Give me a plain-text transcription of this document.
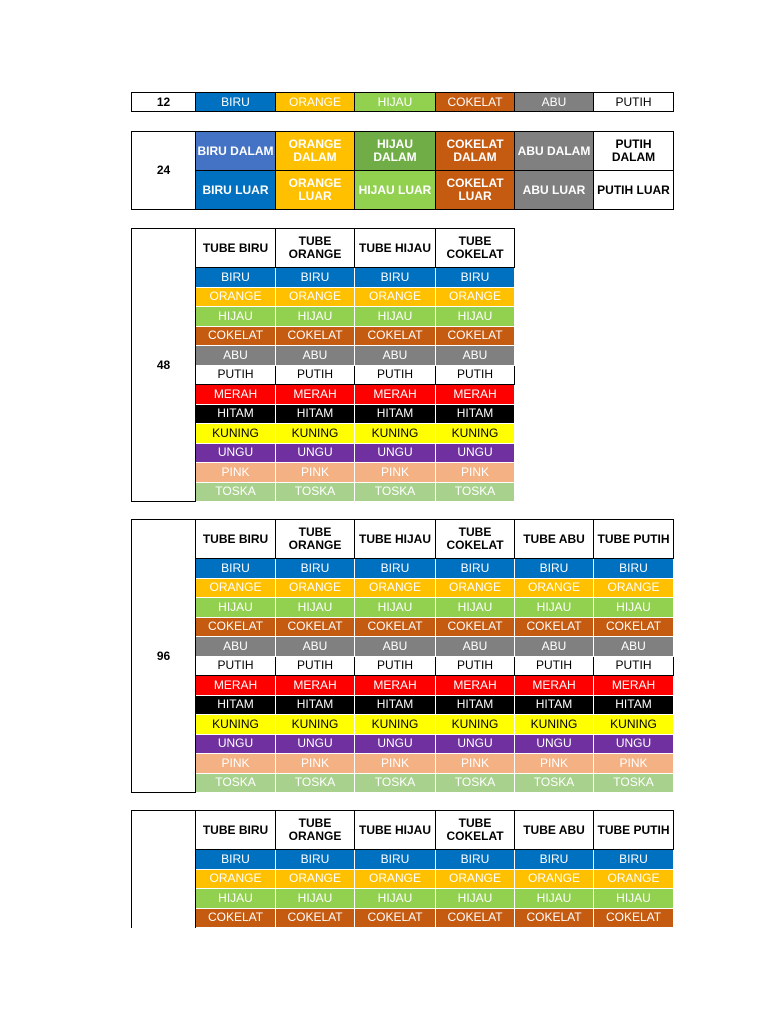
12	BIRU	ORANGE	HIJAU	COKELAT	ABU	PUTIH
24	BIRU DALAM	ORANGE DALAM	HIJAU DALAM	COKELAT DALAM	ABU DALAM	PUTIH DALAM
	BIRU LUAR	ORANGE LUAR	HIJAU LUAR	COKELAT LUAR	ABU LUAR	PUTIH LUAR
48	TUBE BIRU	TUBE ORANGE	TUBE HIJAU	TUBE COKELAT
	BIRU	BIRU	BIRU	BIRU
	ORANGE	ORANGE	ORANGE	ORANGE
	HIJAU	HIJAU	HIJAU	HIJAU
	COKELAT	COKELAT	COKELAT	COKELAT
	ABU	ABU	ABU	ABU
	PUTIH	PUTIH	PUTIH	PUTIH
	MERAH	MERAH	MERAH	MERAH
	HITAM	HITAM	HITAM	HITAM
	KUNING	KUNING	KUNING	KUNING
	UNGU	UNGU	UNGU	UNGU
	PINK	PINK	PINK	PINK
	TOSKA	TOSKA	TOSKA	TOSKA
96	TUBE BIRU	TUBE ORANGE	TUBE HIJAU	TUBE COKELAT	TUBE ABU	TUBE PUTIH
	BIRU	BIRU	BIRU	BIRU	BIRU	BIRU
	ORANGE	ORANGE	ORANGE	ORANGE	ORANGE	ORANGE
	HIJAU	HIJAU	HIJAU	HIJAU	HIJAU	HIJAU
	COKELAT	COKELAT	COKELAT	COKELAT	COKELAT	COKELAT
	ABU	ABU	ABU	ABU	ABU	ABU
	PUTIH	PUTIH	PUTIH	PUTIH	PUTIH	PUTIH
	MERAH	MERAH	MERAH	MERAH	MERAH	MERAH
	HITAM	HITAM	HITAM	HITAM	HITAM	HITAM
	KUNING	KUNING	KUNING	KUNING	KUNING	KUNING
	UNGU	UNGU	UNGU	UNGU	UNGU	UNGU
	PINK	PINK	PINK	PINK	PINK	PINK
	TOSKA	TOSKA	TOSKA	TOSKA	TOSKA	TOSKA
	TUBE BIRU	TUBE ORANGE	TUBE HIJAU	TUBE COKELAT	TUBE ABU	TUBE PUTIH
	BIRU	BIRU	BIRU	BIRU	BIRU	BIRU
	ORANGE	ORANGE	ORANGE	ORANGE	ORANGE	ORANGE
	HIJAU	HIJAU	HIJAU	HIJAU	HIJAU	HIJAU
	COKELAT	COKELAT	COKELAT	COKELAT	COKELAT	COKELAT
